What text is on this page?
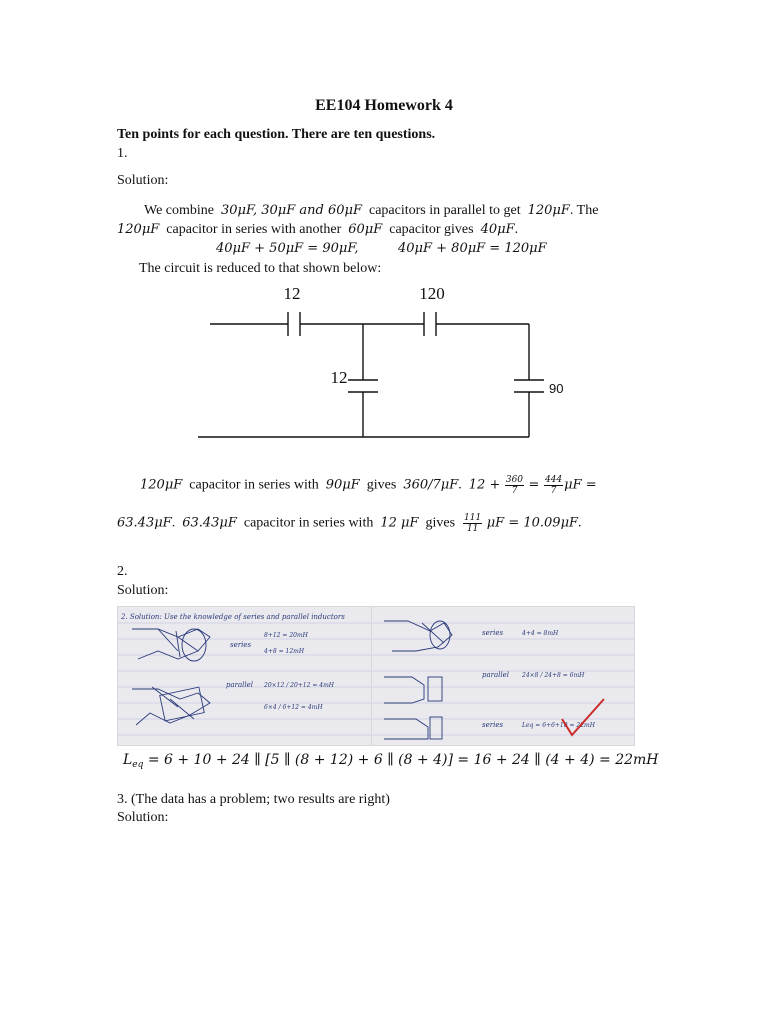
EE104 Homework 4
Ten points for each question. There are ten questions.
1.
Solution:
We combine 30μF, 30μF and 60μF capacitors in parallel to get 120μF. The
120μF capacitor in series with another 60μF capacitor gives 40μF.
40μF + 50μF = 90μF,	40μF + 80μF = 120μF
The circuit is reduced to that shown below:
12	120
12
90
120μF capacitor in series with 90μF gives 360/7μF. $12 + \frac{360}{7} = \frac{444}{7}$ μF =
63.43μF. 63.43μF capacitor in series with 12 μF gives $\frac{111}{11}$ μF = 10.09μF.
2.
Solution:
2. Solution: Use the knowledge of series and parallel inductors
series
8+12 = 20mH
4+8 = 12mH
parallel 20×12 / 20+12 = 4mH
6×4 / 6+12 = 4mH
series	4+4 = 8mH
parallel 24×8 / 24+8 = 6mH
series	Leq = 6+6+10 = 22mH
$L_{eq} = 6 + 10 + 24$ ∥ [5 ∥ (8 + 12) + 6 ∥ (8 + 4)] = 16 + 24 ∥ (4 + 4) = 22mH
3. (The data has a problem; two results are right)
Solution:
